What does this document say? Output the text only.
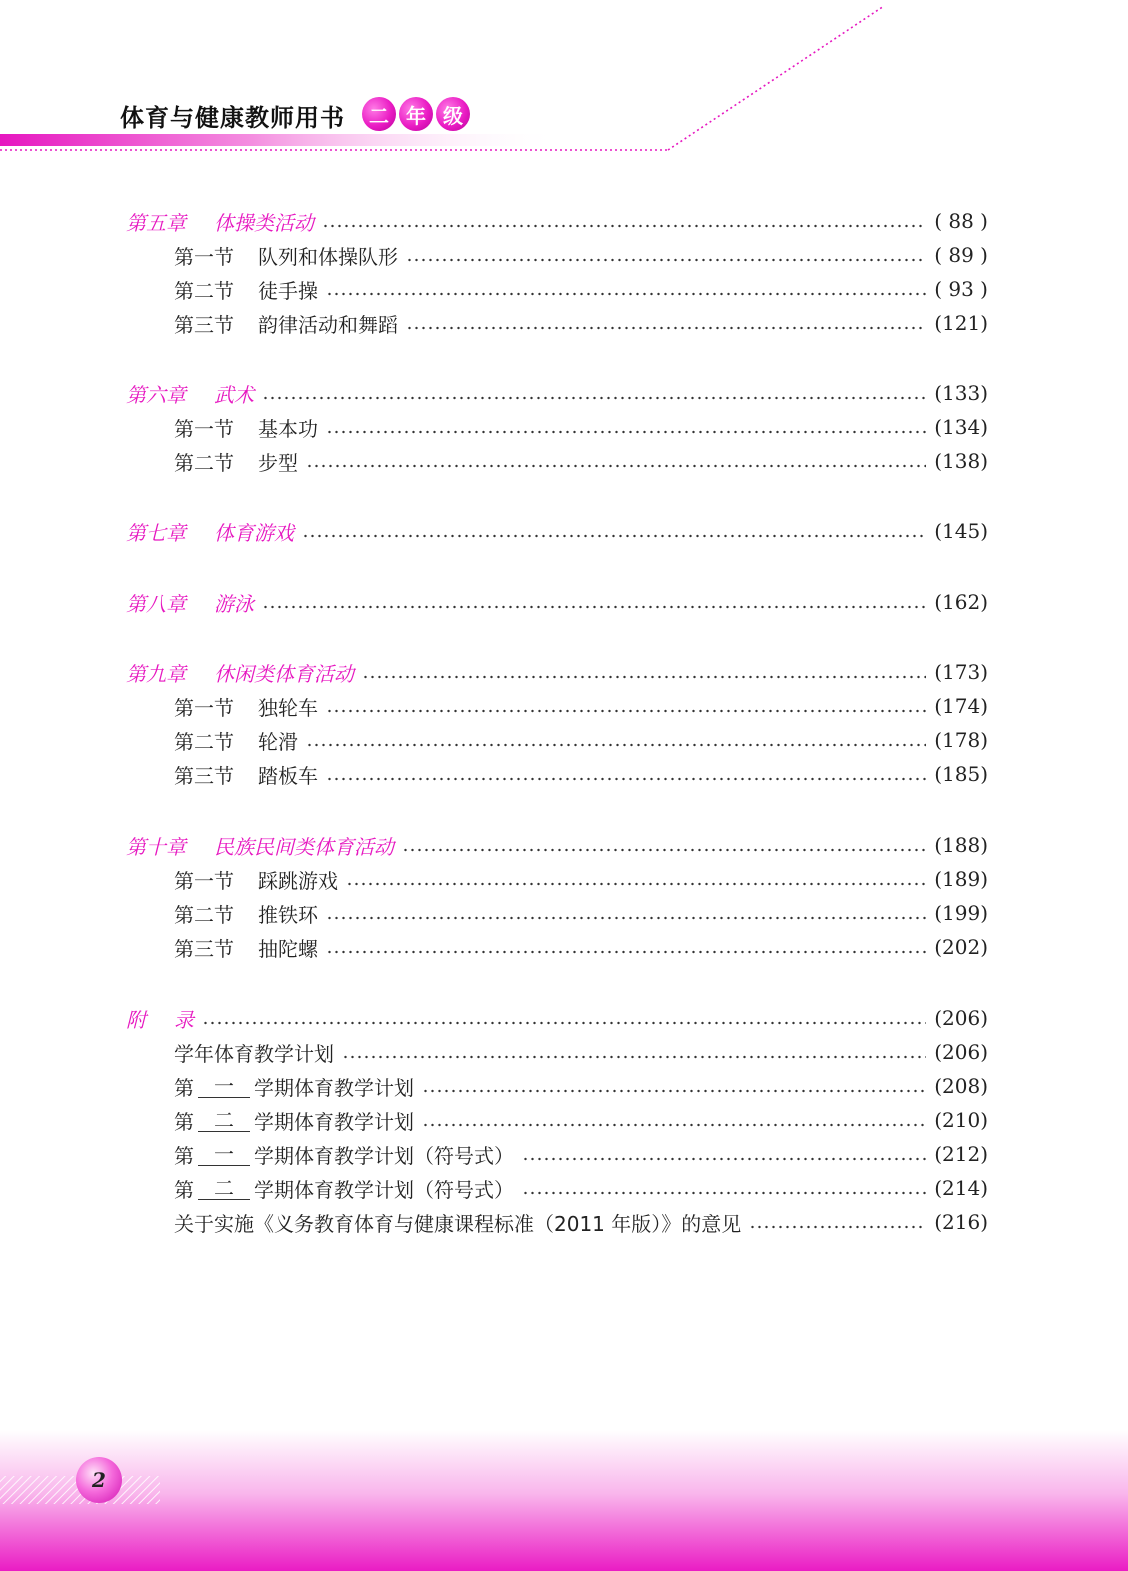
体育与健康教师用书	二 年 级
第五章 体操类活动	( 88 )
第一节 队列和体操队形	( 89 )
第二节 徒手操	( 93 )
第三节 韵律活动和舞蹈	(121)
第六章 武术	(133)
第一节 基本功	(134)
第二节 步型	(138)
第七章 体育游戏	(145)
第八章 游泳	(162)
第九章 休闲类体育活动	(173)
第一节 独轮车	(174)
第二节 轮滑	(178)
第三节 踏板车	(185)
第十章 民族民间类体育活动	(188)
第一节 踩跳游戏	(189)
第二节 推铁环	(199)
第三节 抽陀螺	(202)
附 录	(206)
学年体育教学计划	(206)
第	一	学期体育教学计划	(208)
第	二	学期体育教学计划	(210)
第	一	学期体育教学计划（符号式）	(212)
第	二	学期体育教学计划（符号式）	(214)
关于实施《义务教育体育与健康课程标准（2011 年版）》的意见	(216)
2
